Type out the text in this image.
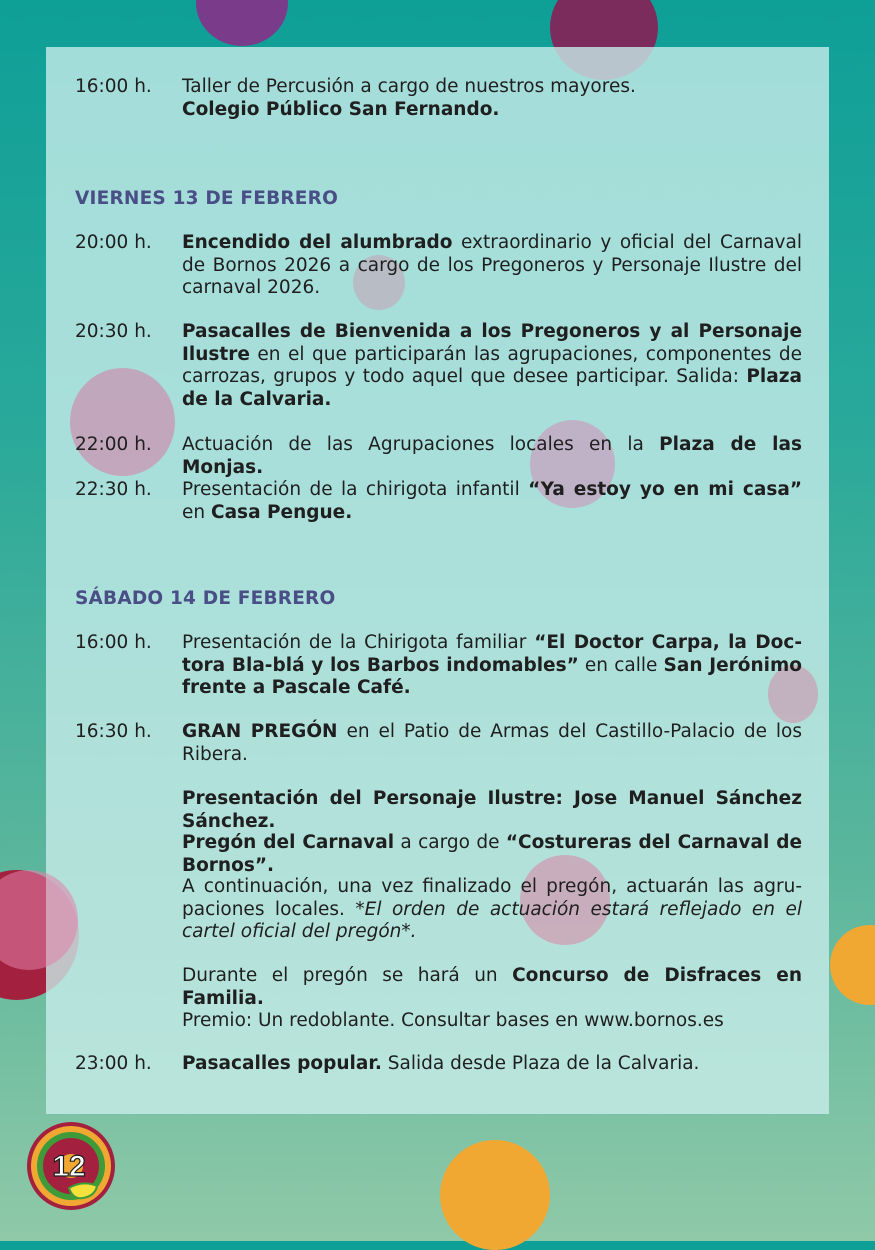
16:00 h.	Taller de Percusión a cargo de nuestros mayores.
Colegio Público San Fernando.
VIERNES 13 DE FEBRERO
20:00 h.	Encendido del alumbrado extraordinario y oficial del Carnaval de Bornos 2026 a cargo de los Pregoneros y Personaje Ilustre del carnaval 2026.
20:30 h.	Pasacalles de Bienvenida a los Pregoneros y al Personaje Ilustre en el que participarán las agrupaciones, componentes de carrozas, grupos y todo aquel que desee participar. Salida: Plaza de la Calvaria.
22:00 h.	Actuación de las Agrupaciones locales en la Plaza de las Monjas.
22:30 h.	Presentación de la chirigota infantil “Ya estoy yo en mi casa” en Casa Pengue.
SÁBADO 14 DE FEBRERO
16:00 h.	Presentación de la Chirigota familiar “El Doctor Carpa, la Doctora Bla-blá y los Barbos indomables” en calle San Jerónimo frente a Pascale Café.
16:30 h.	GRAN PREGÓN en el Patio de Armas del Castillo-Palacio de los Ribera.
Presentación del Personaje Ilustre: Jose Manuel Sánchez Sánchez.
Pregón del Carnaval a cargo de “Costureras del Carnaval de Bornos”.
A continuación, una vez finalizado el pregón, actuarán las agrupaciones locales. *El orden de actuación estará reflejado en el cartel oficial del pregón*.
Durante el pregón se hará un Concurso de Disfraces en Familia.
Premio: Un redoblante. Consultar bases en www.bornos.es
23:00 h.	Pasacalles popular. Salida desde Plaza de la Calvaria.
12
